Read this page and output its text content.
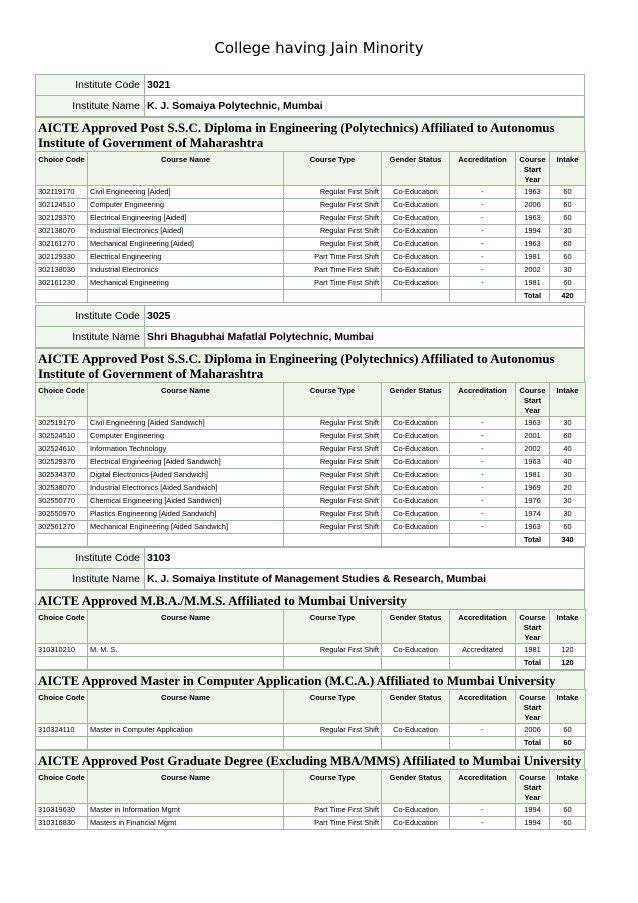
College having Jain Minority
Institute Code	3021
Institute Name	K. J. Somaiya Polytechnic, Mumbai
AICTE Approved Post S.S.C. Diploma in Engineering (Polytechnics) Affiliated to Autonomus Institute of Government of Maharashtra
Choice Code	Course Name	Course Type	Gender Status	Accreditation	Course Start Year	Intake
302119170	Civil Engineering [Aided]	Regular First Shift	Co-Education	-	1963	60
302124510	Computer Engineering	Regular First Shift	Co-Education	-	2006	60
302129370	Electrical Engineering [Aided]	Regular First Shift	Co-Education	-	1963	60
302138070	Industrial Electronics [Aided]	Regular First Shift	Co-Education	-	1994	30
302161270	Mechanical Engineering [Aided]	Regular First Shift	Co-Education	-	1963	60
302129330	Electrical Engineering	Part Time First Shift	Co-Education	-	1981	60
302138030	Industrial Electronics	Part Time First Shift	Co-Education	-	2002	30
302161230	Mechanical Engineering	Part Time First Shift	Co-Education	-	1981	60
					Total	420
Institute Code	3025
Institute Name	Shri Bhagubhai Mafatlal Polytechnic, Mumbai
AICTE Approved Post S.S.C. Diploma in Engineering (Polytechnics) Affiliated to Autonomus Institute of Government of Maharashtra
Choice Code	Course Name	Course Type	Gender Status	Accreditation	Course Start Year	Intake
302519170	Civil Engineering [Aided Sandwich]	Regular First Shift	Co-Education	-	1963	30
302524510	Computer Engineering	Regular First Shift	Co-Education	-	2001	60
302524610	Information Technology	Regular First Shift	Co-Education	-	2002	40
302529370	Electrical Engineering [Aided Sandwich]	Regular First Shift	Co-Education	-	1963	40
302534370	Digital Electronics [Aided Sandwich]	Regular First Shift	Co-Education	-	1981	30
302538070	Industrial Electronics [Aided Sandwich]	Regular First Shift	Co-Education	-	1969	20
302550770	Chemical Engineering [Aided Sandwich]	Regular First Shift	Co-Education	-	1976	30
302550970	Plastics Engineering [Aided Sandwich]	Regular First Shift	Co-Education	-	1974	30
302561270	Mechanical Engineering [Aided Sandwich]	Regular First Shift	Co-Education	-	1963	60
					Total	340
Institute Code	3103
Institute Name	K. J. Somaiya Institute of Management Studies & Research, Mumbai
AICTE Approved M.B.A./M.M.S. Affiliated to Mumbai University
Choice Code	Course Name	Course Type	Gender Status	Accreditation	Course Start Year	Intake
310310210	M. M. S.	Regular First Shift	Co-Education	Accreditated	1981	120
					Total	120
AICTE Approved Master in Computer Application (M.C.A.) Affiliated to Mumbai University
Choice Code	Course Name	Course Type	Gender Status	Accreditation	Course Start Year	Intake
310324110	Master in Computer Application	Regular First Shift	Co-Education	-	2006	60
					Total	60
AICTE Approved Post Graduate Degree (Excluding MBA/MMS) Affiliated to Mumbai University
Choice Code	Course Name	Course Type	Gender Status	Accreditation	Course Start Year	Intake
310319630	Master in Information Mgmt	Part Time First Shift	Co-Education	-	1994	60
310316830	Masters in Financial Mgmt	Part Time First Shift	Co-Education	-	1994	60
